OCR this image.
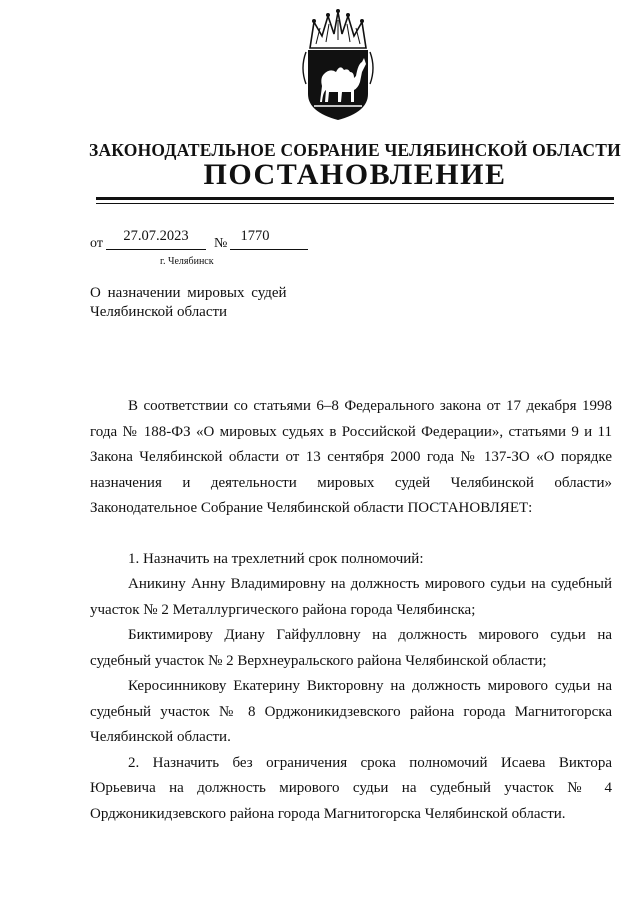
ЗАКОНОДАТЕЛЬНОЕ СОБРАНИЕ ЧЕЛЯБИНСКОЙ ОБЛАСТИ
ПОСТАНОВЛЕНИЕ
от	27.07.2023	№ 1770
г. Челябинск
О назначении мировых судей
Челябинской области

В соответствии со статьями 6–8 Федерального закона от 17 декабря 1998 года № 188-ФЗ «О мировых судьях в Российской Федерации», статьями 9 и 11 Закона Челябинской области от 13 сентября 2000 года № 137-ЗО «О порядке назначения и деятельности мировых судей Челябинской области» Законодательное Собрание Челябинской области ПОСТАНОВЛЯЕТ:

1. Назначить на трехлетний срок полномочий:

Аникину Анну Владимировну на должность мирового судьи на судебный участок № 2 Металлургического района города Челябинска;

Биктимирову Диану Гайфулловну на должность мирового судьи на судебный участок № 2 Верхнеуральского района Челябинской области;

Керосинникову Екатерину Викторовну на должность мирового судьи на судебный участок № 8 Орджоникидзевского района города Магнитогорска Челябинской области.

2. Назначить без ограничения срока полномочий Исаева Виктора Юрьевича на должность мирового судьи на судебный участок № 4 Орджоникидзевского района города Магнитогорска Челябинской области.
